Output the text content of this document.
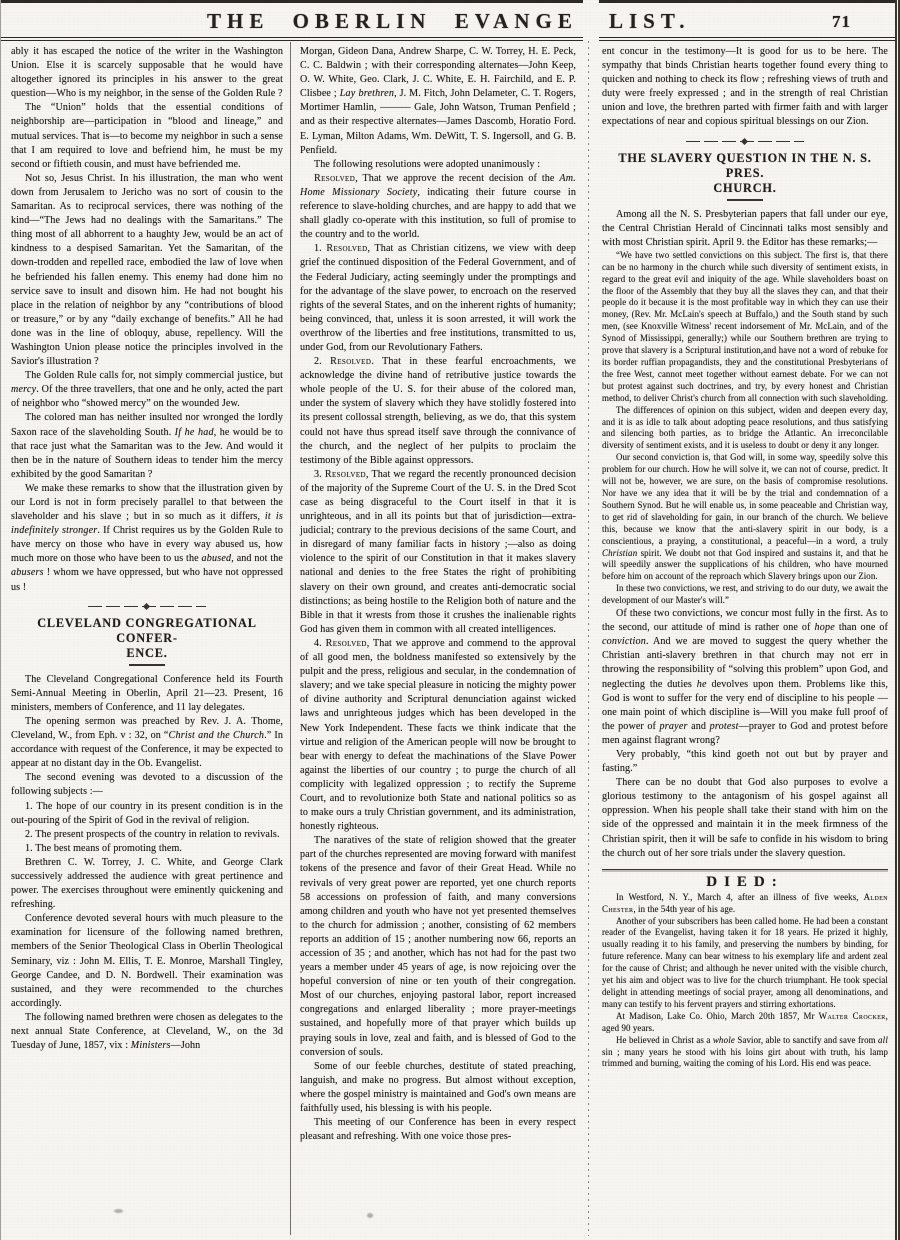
THE OBERLIN EVANGE LIST.	71

ably it has escaped the notice of the writer in the Washington Union. Else it is scarcely supposable that he would have altogether ignored its principles in his answer to the great question—Who is my neighbor, in the sense of the Golden Rule ?

The “Union” holds that the essential conditions of neighborship are—participation in “blood and lineage,” and mutual services. That is—to become my neighbor in such a sense that I am required to love and befriend him, he must be my second or fiftieth cousin, and must have befriended me.

Not so, Jesus Christ. In his illustration, the man who went down from Jerusalem to Jericho was no sort of cousin to the Samaritan. As to reciprocal services, there was nothing of the kind—“The Jews had no dealings with the Samaritans.” The thing most of all abhorrent to a haughty Jew, would be an act of kindness to a despised Samaritan. Yet the Samaritan, of the down-trodden and repelled race, embodied the law of love when he befriended his fallen enemy. This enemy had done him no service save to insult and disown him. He had not bought his place in the relation of neighbor by any “contributions of blood or treasure,” or by any “daily exchange of benefits.” All he had done was in the line of obloquy, abuse, repellency. Will the Washington Union please notice the principles involved in the Savior's illustration ?

The Golden Rule calls for, not simply commercial justice, but mercy. Of the three travellers, that one and he only, acted the part of neighbor who “showed mercy” on the wounded Jew.

The colored man has neither insulted nor wronged the lordly Saxon race of the slaveholding South. If he had, he would be to that race just what the Samaritan was to the Jew. And would it then be in the nature of Southern ideas to tender him the mercy exhibited by the good Samaritan ?

We make these remarks to show that the illustration given by our Lord is not in form precisely parallel to that between the slaveholder and his slave ; but in so much as it differs, it is indefinitely stronger. If Christ requires us by the Golden Rule to have mercy on those who have in every way abused us, how much more on those who have been to us the abused, and not the abusers ! whom we have oppressed, but who have not oppressed us !

CLEVELAND CONGREGATIONAL CONFER-
ENCE.

The Cleveland Congregational Conference held its Fourth Semi-Annual Meeting in Oberlin, April 21—23. Present, 16 ministers, members of Conference, and 11 lay delegates.

The opening sermon was preached by Rev. J. A. Thome, Cleveland, W., from Eph. v : 32, on “Christ and the Church.” In accordance with request of the Conference, it may be expected to appear at no distant day in the Ob. Evangelist.

The second evening was devoted to a discussion of the following subjects :—

1. The hope of our country in its present condition is in the out-pouring of the Spirit of God in the revival of religion.

2. The present prospects of the country in relation to revivals.

1. The best means of promoting them.

Brethren C. W. Torrey, J. C. White, and George Clark successively addressed the audience with great pertinence and power. The exercises throughout were eminently quickening and refreshing.

Conference devoted several hours with much pleasure to the examination for licensure of the following named brethren, members of the Senior Theological Class in Oberlin Theological Seminary, viz : John M. Ellis, T. E. Monroe, Marshall Tingley, George Candee, and D. N. Bordwell. Their examination was sustained, and they were recommended to the churches accordingly.

The following named brethren were chosen as delegates to the next annual State Conference, at Cleveland, W., on the 3d Tuesday of June, 1857, vix : Ministers—John

Morgan, Gideon Dana, Andrew Sharpe, C. W. Torrey, H. E. Peck, C. C. Baldwin ; with their corresponding alternates—John Keep, O. W. White, Geo. Clark, J. C. White, E. H. Fairchild, and E. P. Clisbee ; Lay brethren, J. M. Fitch, John Delameter, C. T. Rogers, Mortimer Hamlin, ——— Gale, John Watson, Truman Penfield ; and as their respective alternates—James Dascomb, Horatio Ford. E. Lyman, Milton Adams, Wm. DeWitt, T. S. Ingersoll, and G. B. Penfield.

The following resolutions were adopted unanimously :

Resolved, That we approve the recent decision of the Am. Home Missionary Society, indicating their future course in reference to slave-holding churches, and are happy to add that we shall gladly co-operate with this institution, so full of promise to the country and to the world.

1. Resolved, That as Christian citizens, we view with deep grief the continued disposition of the Federal Government, and of the Federal Judiciary, acting seemingly under the promptings and for the advantage of the slave power, to encroach on the reserved rights of the several States, and on the inherent rights of humanity; being convinced, that, unless it is soon arrested, it will work the overthrow of the liberties and free institutions, transmitted to us, under God, from our Revolutionary Fathers.

2. Resolved. That in these fearful encroachments, we acknowledge the divine hand of retributive justice towards the whole people of the U. S. for their abuse of the colored man, under the system of slavery which they have stolidly fostered into its present collossal strength, believing, as we do, that this system could not have thus spread itself save through the connivance of the church, and the neglect of her pulpits to proclaim the testimony of the Bible against oppressors.

3. Resolved, That we regard the recently pronounced decision of the majority of the Supreme Court of the U. S. in the Dred Scot case as being disgraceful to the Court itself in that it is unrighteous, and in all its points but that of jurisdiction—extra-judicial; contrary to the previous decisions of the same Court, and in disregard of many familiar facts in history ;—also as doing violence to the spirit of our Constitution in that it makes slavery national and denies to the free States the right of prohibiting slavery on their own ground, and creates anti-democratic social distinctions; as being hostile to the Religion both of nature and the Bible in that it wrests from those it crushes the inalienable rights God has given them in common with all created intelligences.

4. Resolved, That we approve and commend to the approval of all good men, the boldness manifested so extensively by the pulpit and the press, religious and secular, in the condemnation of slavery; and we take special pleasure in noticing the mighty power of divine authority and Scriptural denunciation against wicked laws and unrighteous judges which has been developed in the New York Independent. These facts we think indicate that the virtue and religion of the American people will now be brought to bear with energy to defeat the machinations of the Slave Power against the liberties of our country ; to purge the church of all complicity with legalized oppression ; to rectify the Supreme Court, and to revolutionize both State and national politics so as to make ours a truly Christian government, and its administration, honestly righteous.

The naratives of the state of religion showed that the greater part of the churches represented are moving forward with manifest tokens of the presence and favor of their Great Head. While no revivals of very great power are reported, yet one church reports 58 accessions on profession of faith, and many conversions among children and youth who have not yet presented themselves to the church for admission ; another, consisting of 62 members reports an addition of 15 ; another numbering now 66, reports an accession of 35 ; and another, which has not had for the past two years a member under 45 years of age, is now rejoicing over the hopeful conversion of nine or ten youth of their congregation. Most of our churches, enjoying pastoral labor, report increased congregations and enlarged liberality ; more prayer-meetings sustained, and hopefully more of that prayer which builds up praying souls in love, zeal and faith, and is blessed of God to the conversion of souls.

Some of our feeble churches, destitute of stated preaching, languish, and make no progress. But almost without exception, where the gospel ministry is maintained and God's own means are faithfully used, his blessing is with his people.

This meeting of our Conference has been in every respect pleasant and refreshing. With one voice those pres-

ent concur in the testimony—It is good for us to be here. The sympathy that binds Christian hearts together found every thing to quicken and nothing to check its flow ; refreshing views of truth and duty were freely expressed ; and in the strength of real Christian union and love, the brethren parted with firmer faith and with larger expectations of near and copious spiritual blessings on our Zion.

THE SLAVERY QUESTION IN THE N. S. PRES.
CHURCH.

Among all the N. S. Presbyterian papers that fall under our eye, the Central Christian Herald of Cincinnati talks most sensibly and with most Christian spirit. April 9. the Editor has these remarks;—

“We have two settled convictions on this subject. The first is, that there can be no harmony in the church while such diversity of sentiment exists, in regard to the great evil and iniquity of the age. While slaveholders boast on the floor of the Assembly that they buy all the slaves they can, and that their people do it because it is the most profitable way in which they can use their money, (Rev. Mr. McLain's speech at Buffalo,) and the South stand by such men, (see Knoxville Witness' recent indorsement of Mr. McLain, and of the Synod of Mississippi, generally;) while our Southern brethren are trying to prove that slavery is a Scriptural institution,and have not a word of rebuke for its border ruffian propagandists, they and the constitutional Presbyterians of the free West, cannot meet together without earnest debate. For we can not but protest against such doctrines, and try, by every honest and Christian method, to deliver Christ's church from all connection with such slaveholding.

The differences of opinion on this subject, widen and deepen every day, and it is as idle to talk about adopting peace resolutions, and thus satisfying and silencing both parties, as to bridge the Atlantic. An irreconcilable diversity of sentiment exists, and it is useless to doubt or deny it any longer.

Our second conviction is, that God will, in some way, speedily solve this problem for our church. How he will solve it, we can not of course, predict. It will not be, however, we are sure, on the basis of compromise resolutions. Nor have we any idea that it will be by the trial and condemnation of a Southern Synod. But he will enable us, in some peaceable and Christian way, to get rid of slaveholding for gain, in our branch of the church. We believe this, because we know that the anti-slavery spirit in our body, is a conscientious, a praying, a constitutional, a peaceful—in a word, a truly Christian spirit. We doubt not that God inspired and sustains it, and that he will speedily answer the supplications of his children, who have mourned before him on account of the reproach which Slavery brings upon our Zion.

In these two convictions, we rest, and striving to do our duty, we await the development of our Master's will.”

Of these two convictions, we concur most fully in the first. As to the second, our attitude of mind is rather one of hope than one of conviction. And we are moved to suggest the query whether the Christian anti-slavery brethren in that church may not err in throwing the responsibility of “solving this problem” upon God, and neglecting the duties he devolves upon them. Problems like this, God is wont to suffer for the very end of discipline to his people —one main point of which discipline is—Will you make full proof of the power of prayer and protest—prayer to God and protest before men against flagrant wrong?

Very probably, “this kind goeth not out but by prayer and fasting.”

There can be no doubt that God also purposes to evolve a glorious testimony to the antagonism of his gospel against all oppression. When his people shall take their stand with him on the side of the oppressed and maintain it in the meek firmness of the Christian spirit, then it will be safe to confide in his wisdom to bring the church out of her sore trials under the slavery question.

DIED:

In Westford, N. Y., March 4, after an illness of five weeks, Alden Chester, in the 54th year of his age.

Another of your subscribers has been called home. He had been a constant reader of the Evangelist, having taken it for 18 years. He prized it highly, usually reading it to his family, and preserving the numbers by binding, for future reference. Many can bear witness to his exemplary life and ardent zeal for the cause of Christ; and although he never united with the visible church, yet his aim and object was to live for the church triumphant. He took special delight in attending meetings of social prayer, among all denominations, and many can testify to his fervent prayers and stirring exhortations.

At Madison, Lake Co. Ohio, March 20th 1857, Mr Walter Crocker, aged 90 years.

He believed in Christ as a whole Savior, able to sanctify and save from all sin ; many years he stood with his loins girt about with truth, his lamp trimmed and burning, waiting the coming of his Lord. His end was peace.
